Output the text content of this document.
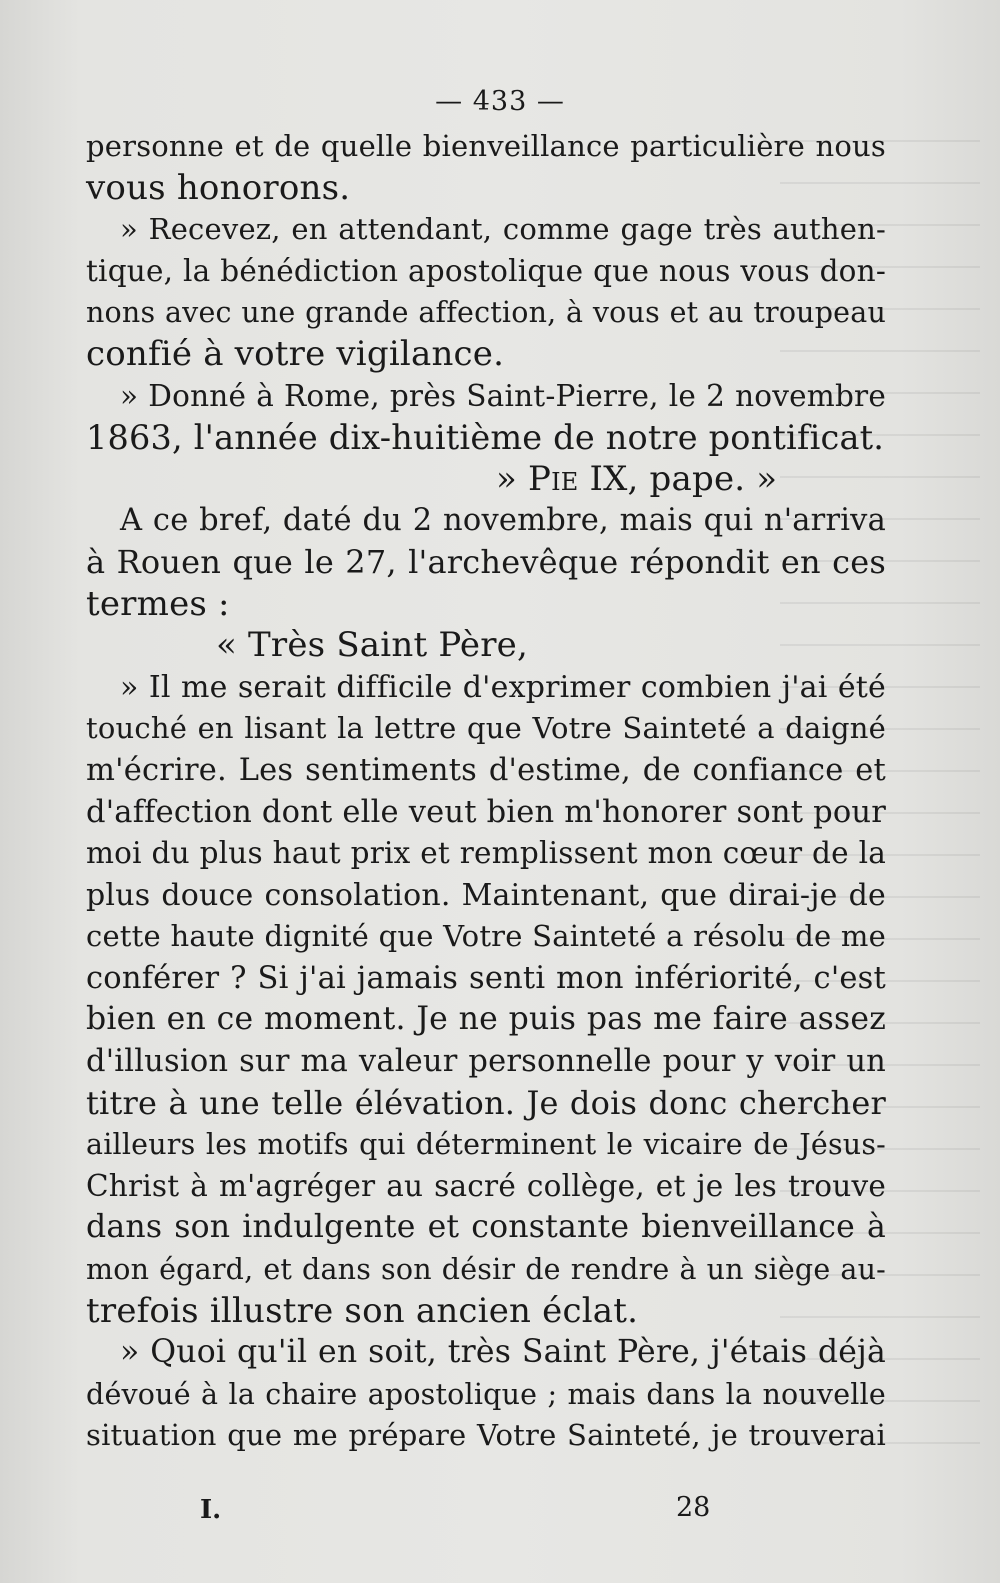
— 433 —
personne et de quelle bienveillance particulière nous
vous honorons.
» Recevez, en attendant, comme gage très authen-
tique, la bénédiction apostolique que nous vous don-
nons avec une grande affection, à vous et au troupeau
confié à votre vigilance.
» Donné à Rome, près Saint-Pierre, le 2 novembre
1863, l'année dix-huitième de notre pontificat.
» Pie IX, pape. »
A ce bref, daté du 2 novembre, mais qui n'arriva
à Rouen que le 27, l'archevêque répondit en ces
termes :
« Très Saint Père,
» Il me serait difficile d'exprimer combien j'ai été
touché en lisant la lettre que Votre Sainteté a daigné
m'écrire. Les sentiments d'estime, de confiance et
d'affection dont elle veut bien m'honorer sont pour
moi du plus haut prix et remplissent mon cœur de la
plus douce consolation. Maintenant, que dirai-je de
cette haute dignité que Votre Sainteté a résolu de me
conférer ? Si j'ai jamais senti mon infériorité, c'est
bien en ce moment. Je ne puis pas me faire assez
d'illusion sur ma valeur personnelle pour y voir un
titre à une telle élévation. Je dois donc chercher
ailleurs les motifs qui déterminent le vicaire de Jésus-
Christ à m'agréger au sacré collège, et je les trouve
dans son indulgente et constante bienveillance à
mon égard, et dans son désir de rendre à un siège au-
trefois illustre son ancien éclat.
» Quoi qu'il en soit, très Saint Père, j'étais déjà
dévoué à la chaire apostolique ; mais dans la nouvelle
situation que me prépare Votre Sainteté, je trouverai
I.	28
